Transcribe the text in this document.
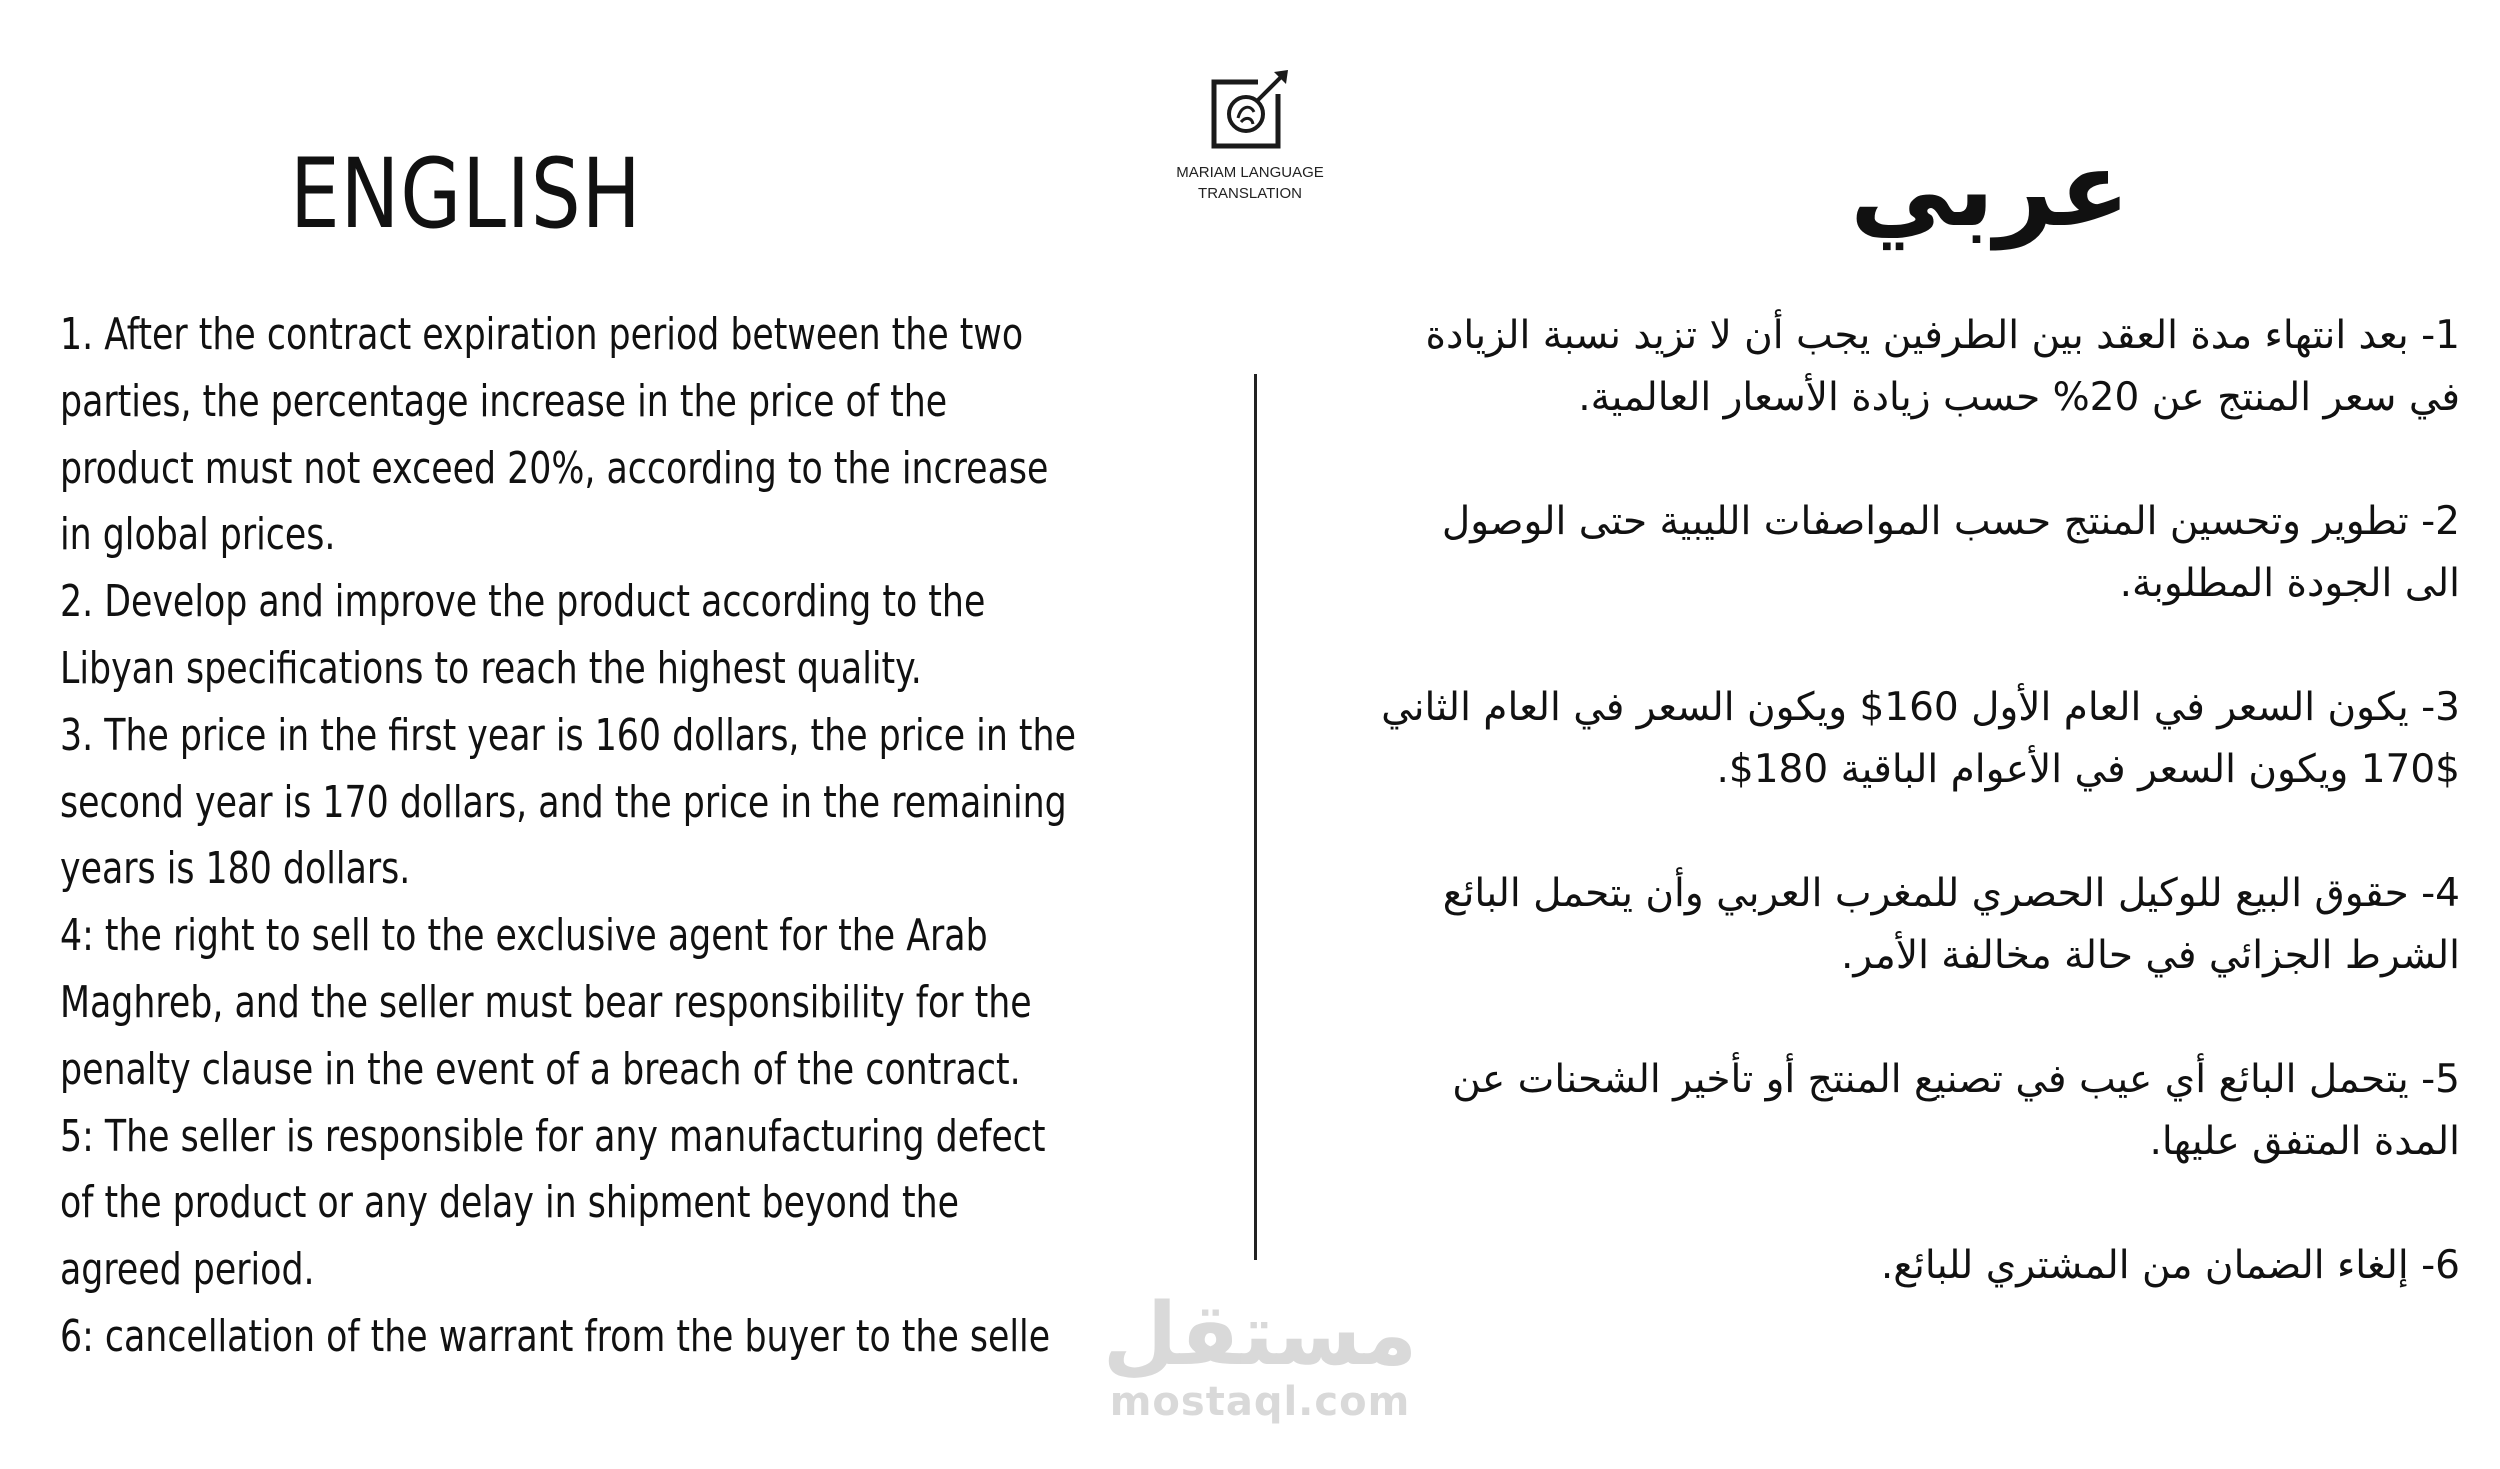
ENGLISH	MARIAM LANGUAGE
TRANSLATION	عربي

1. After the contract expiration period between the two

parties, the percentage increase in the price of the

product must not exceed 20%, according to the increase

in global prices.

2. Develop and improve the product according to the

Libyan specifications to reach the highest quality.

3. The price in the first year is 160 dollars, the price in the

second year is 170 dollars, and the price in the remaining

years is 180 dollars.

4: the right to sell to the exclusive agent for the Arab

Maghreb, and the seller must bear responsibility for the

penalty clause in the event of a breach of the contract.

5: The seller is responsible for any manufacturing defect

of the product or any delay in shipment beyond the

agreed period.

6: cancellation of the warrant from the buyer to the selle

1- بعد انتهاء مدة العقد بين الطرفين يجب أن لا تزيد نسبة الزيادة
في سعر المنتج عن 20% حسب زيادة الأسعار العالمية.

2- تطوير وتحسين المنتج حسب المواصفات الليبية حتى الوصول
الى الجودة المطلوبة.

3- يكون السعر في العام الأول 160$ ويكون السعر في العام الثاني
170$ ويكون السعر في الأعوام الباقية 180$.

4- حقوق البيع للوكيل الحصري للمغرب العربي وأن يتحمل البائع
الشرط الجزائي في حالة مخالفة الأمر.

5- يتحمل البائع أي عيب في تصنيع المنتج أو تأخير الشحنات عن
المدة المتفق عليها.

6- إلغاء الضمان من المشتري للبائع.

مستقل
mostaql.com
